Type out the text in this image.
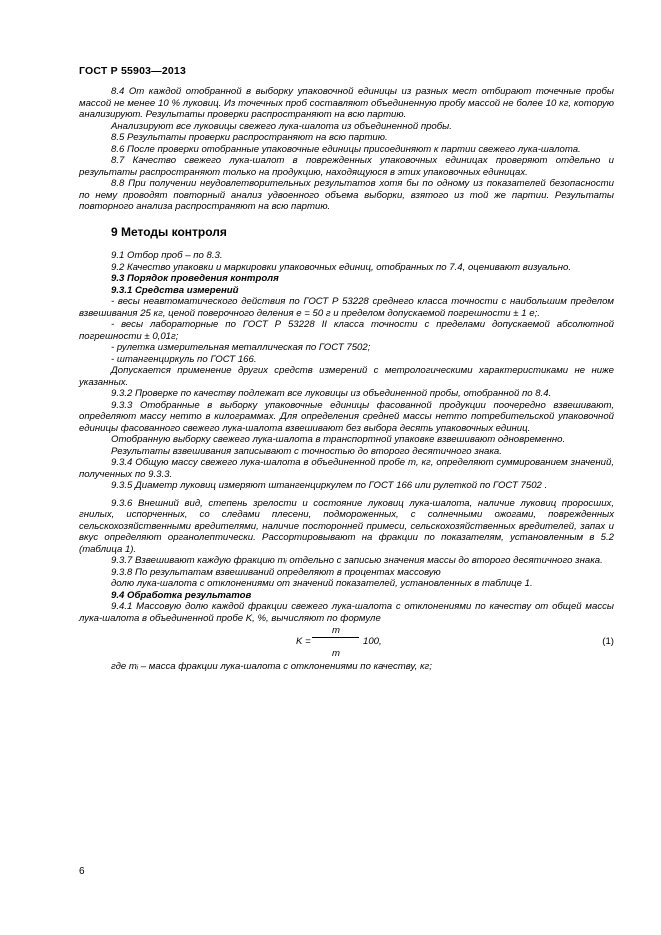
ГОСТ Р 55903—2013

8.4 От каждой отобранной в выборку упаковочной единицы из разных мест отбирают точечные пробы массой не менее 10 % луковиц. Из точечных проб составляют объединенную пробу массой не более 10 кг, которую анализируют. Результаты проверки распространяют на всю партию.

Анализируют все луковицы свежего лука-шалота из объединенной пробы.

8.5 Результаты проверки распространяют на всю партию.

8.6 После проверки отобранные упаковочные единицы присоединяют к партии свежего лука-шалота.

8.7 Качество свежего лука-шалот в поврежденных упаковочных единицах проверяют отдельно и результаты распространяют только на продукцию, находящуюся в этих упаковочных единицах.

8.8 При получении неудовлетворительных результатов хотя бы по одному из показателей безопасности по нему проводят повторный анализ удвоенного объема выборки, взятого из той же партии. Результаты повторного анализа распространяют на всю партию.

9 Методы контроля

9.1 Отбор проб – по 8.3.

9.2 Качество упаковки и маркировки упаковочных единиц, отобранных по 7.4, оценивают визуально.

9.3 Порядок проведения контроля

9.3.1 Средства измерений

- весы неавтоматического действия по ГОСТ Р 53228 среднего класса точности с наибольшим пределом взвешивания 25 кг, ценой поверочного деления е = 50 г и пределом допускаемой погрешности ± 1 е;.

- весы лабораторные по ГОСТ Р 53228 II класса точности с пределами допускаемой абсолютной погрешности ± 0,01г;

- рулетка измерительная металлическая по ГОСТ 7502;

- штангенциркуль по ГОСТ 166.

Допускается применение других средств измерений с метрологическими характеристиками не ниже указанных.

9.3.2 Проверке по качеству подлежат все луковицы из объединенной пробы, отобранной по 8.4.

9.3.3 Отобранные в выборку упаковочные единицы фасованной продукции поочередно взвешивают, определяют массу нетто в килограммах. Для определения средней массы нетто потребительской упаковочной единицы фасованного свежего лука-шалота взвешивают без выбора десять упаковочных единиц.

Отобранную выборку свежего лука-шалота в транспортной упаковке взвешивают одновременно.

Результаты взвешивания записывают с точностью до второго десятичного знака.

9.3.4 Общую массу свежего лука-шалота в объединенной пробе т, кг, определяют суммированием значений, полученных по 9.3.3.

9.3.5 Диаметр луковиц измеряют штангенциркулем по ГОСТ 166 или рулеткой по ГОСТ 7502 .

9.3.6 Внешний вид, степень зрелости и состояние луковиц лука-шалота, наличие луковиц проросших, гнилых, испорченных, со следами плесени, подмороженных, с солнечными ожогами, поврежденных сельскохозяйственными вредителями, наличие посторонней примеси, сельскохозяйственных вредителей, запах и вкус определяют органолептически. Рассортировывают на фракции по показателям, установленным в 5.2 (таблица 1).

9.3.7 Взвешивают каждую фракцию mᵢ отдельно с записью значения массы до второго десятичного знака.

9.3.8 По результатам взвешиваний определяют в процентах массовую

долю лука-шалота с отклонениями от значений показателей, установленных в таблице 1.

9.4 Обработка результатов

9.4.1 Массовую долю каждой фракции свежего лука-шалота с отклонениями по качеству от общей массы лука-шалота в объединенной пробе K, %, вычисляют по формуле

K =
m
m
100,	(1)

где mᵢ – масса фракции лука-шалота с отклонениями по качеству, кг;

6
